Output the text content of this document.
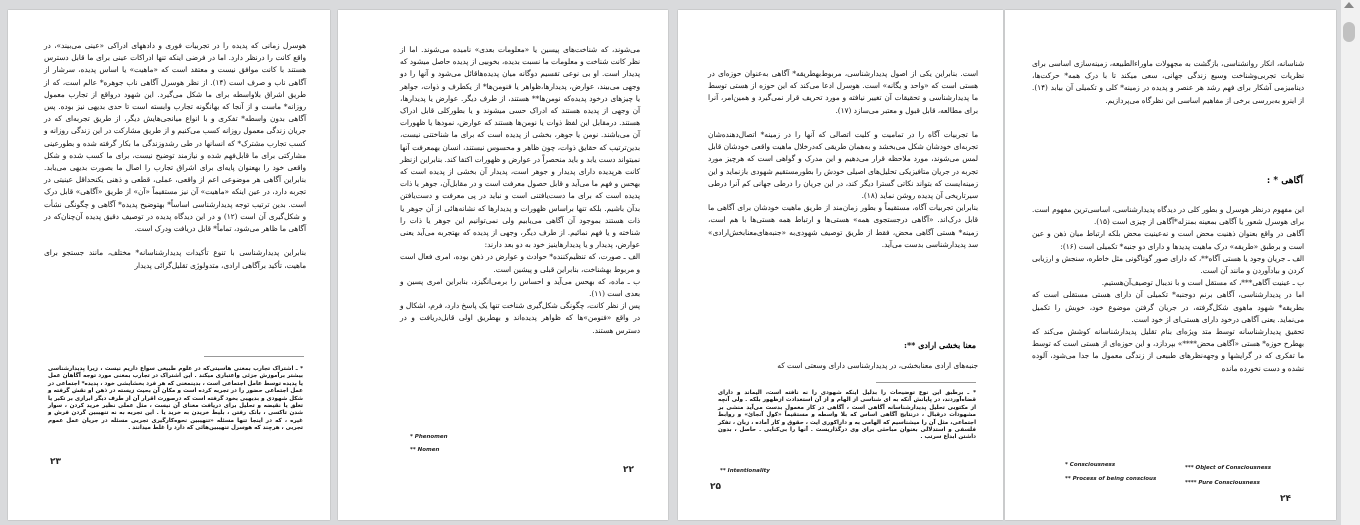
هوسرل زمانی که پدیده را در تجربیات فوری و دادههای ادراکی «عینی می‌بیند»، در واقع کانت را درنظر دارد. اما در فرضی اینکه تنها ادراکات عینی برای ما قابل دسترس هستند با کانت موافق نیست و معتقد است که «ماهیت» یا اساس پدیده، سرشار از آگاهی ناب و صرف است (۱۴). از نظر هوسرل آگاهی ناب جوهره* عالم است، که از طریق اشراق بلاواسطه برای ما شکل می‌گیرد. این شهود درواقع از تجارب معمول روزانه* ماست و از آنجا که بهانگونه تجارب وابسته است تا حدی بدیهی نیز بوده. پس آگاهی بدون واسطه* تفکری و با انواع میانجی‌هایش دیگر، از طریق تجربه‌ای که در جریان زندگی معمول روزانه کسب می‌کنیم و از طریق مشارکت در این زندگی روزانه و کسب تجارب مشترک* که انسانها در طی رشدوزندگی ما بکار گرفته شده و بطورعینی مشارکتی برای ما قابل‌فهم شده و نیازمند توضیح نیست، برای ما کسب شده و شکل واقعی خود را بهعنوان پایه‌ای برای اشراق تجارب را اصال ما بصورت بدیهی می‌یابد. بنابراین آگاهی هر موضوعی اعم از واقعی، عملی، قطعی و ذهنی یکنحداقل عینیتی در تجربه دارد، در عین اینکه «ماهیت» آن نیز مستقیماً «آن» از طریق «آگاهی» قابل درک است. بدین ترتیب توجه پدیدارشناسی اساساً* بهتوضیح پدیده* آگاهی و چگونگی نشأت و شکل‌گیری آن است (۱۲) و در این دیدگاه پدیده در توصیف دقیق پدیده آن‌چنان‌که در آگاهی ما ظاهر می‌شود، تماماً* قابل دریافت ودرک است.

بنابراین پدیدارشناسی با تنوع تأکیدات پدیدارشناسانه* مختلف، مانند جستجو برای ماهیت، تأکید برآگاهی ارادی، متدولوژی تقلیل‌گرائی پدیدار
* ـ اشتراک تجارب بمعنی هاسیتی‌که در علوم طبیعی سواع داریم نیست ، زیرا پدیدارشناسی بیشتر برآموزش جزئی واعتباری میکند . این اشتراک در تجارب بمعنی مورد توجه آگاهان عمل یا پدیده توسط عامل اجتماعی است ، بدینمعنی که هر فرد بخشایشی خود ، پدیده* اجتماعی در عمل اجتماعی حضور را در تجربه کرده است و مکان آن بحیث زیسته در ذهن او نقش گرفته و شکل شهودی و بدیهیی بخود گرفته است که درصورت اقرار آن از طرف دیگر ابرازی بر تکبر یا تعلق یا نقیضه و تحلیل برای دریافت معنای آن نیست ، مثل عملی نظیر خرید کردن ، سوار شدن تاکسی ، بانک رفتن ، بلیط خریدن به خرید یا . این تجربه به نه تنهیبین گردن فرش و غیره ، که در اینجا تنها مسئله «تنهیبین نحوه‌کارگیری تجربی مسئله در جریان عمل عموم تجربی ، هرچند که هوسرل تنهیبین‌هائی که دارد را غلط میدانند .
۲۳
می‌شوند، که شناخت‌های پیسین یا «معلومات بعدی» نامیده می‌شوند. اما از نظر کانت شناخت و معلومات ما نسبت بدیده، بخوبیی از پدیده حاصل میشود که پدیدار است. او بی نوعی تقسیم دوگانه میان پدیده‌هاقائل می‌شود و آنها را دو وجهی می‌بیند، عوارض، پدیدارها،ظواهر یا فنومن‌ها* از یکطرف و ذوات، جواهر یا چیزهای درخود پدیده‌که نومن‌ها** هستند، از طرف دیگر. عوارض یا پدیدارها، آن وجهی از پدیده هستند که ادراک حسی میشوند و یا بطورکلی قابل ادراک هستند. درمقابل این لفظ ذوات یا نومن‌ها هستند که عوارض، نمودها یا ظهورات آن می‌باشند. نومن یا جوهر، بخشی از پدیده است که برای ما شناختنی نیست، بدین‌ترتیب که حقایق ذوات، چون ظاهر و محسوس نیستند، انسان بهمعرفت آنها نمیتواند دست یابد و باید منحصراً در عوارض و ظهورات اکتفا کند. بنابراین ازنظر کانت هرپدیده دارای پدیدار و جوهر است، پدیدار آن بخشی از پدیده است که بهحس و فهم ما می‌آید و قابل حصول معرفت است و در مقابل‌آن، جوهر یا ذات پدیده است که برای ما دست‌یافتنی است و نباید در پی معرفت و دست‌یافتن بدآن باشیم. بلکه تنها براساس ظهورات و پدیدارها که نشانه‌هائی از آن جوهر یا ذات هستند بموجود آن آگاهی می‌یابیم ولی نمی‌توانیم این جوهر یا ذات را شناخته و یا فهم نمائیم. از طرف دیگر، وجهی از پدیده که بهتجربه می‌آید یعنی عوارض، پدیدار و یا پدیدارهاینیز خود به دو بعد دارند:
الف ـ صورت، که تنظیم‌کننده* حوادث و عوارض در ذهن بوده، امری فعال است و مربوط بهشناخت، بنابراین قبلی و پیشین است.
ب ـ ماده، که بهحس می‌آید و احساس را برمی‌انگیزد، بنابراین امری پسین و بعدی است (۱۱).
پس از نظر کانت، چگونگی شکل‌گیری شناخت تنها یک پاسخ دارد، فرم، اشکال و در واقع «فنومن»‌ها که ظواهر پدیده‌اند و بهطریق اولی قابل‌دریافت و در دسترس هستند.
* Phenomen
** Nomen
۲۲
است. بنابراین یکی از اصول پدیدارشناسی، مربوط‌بهطریقه* آگاهی به‌عنوان حوزه‌ای در هستی است که «واحد و یگانه» است. هوسرل ادعا می‌کند که این حوزه از هستی توسط ما پدیدارشناسی و تحقیقات آن تغییر نیافته و مورد تحریف قرار نمی‌گیرد و همین‌امر، آنرا برای مطالعه، قابل قبول و معتبر می‌سازد (۱۷).

ما تجربیات آگاه را در تمامیت و کلیت اتصالی که آنها را در زمینه* اتصال‌دهنده‌شان تجربه‌ای خودشان شکل می‌بخشد و به‌همان طریقی که‌درخلال ماهیت واقعی خودشان قابل لمس می‌شوند، مورد ملاحظه قرار می‌دهیم و این مدرک و گواهی است که هرچیز مورد تجربه در جریان متافیزیکی تحلیل‌های اصیلی خودش را بطورمستقیم شهودی بازنماید و این زمینه‌ایست که بتواند نکاتی گسترا دیگر کند، در این جریان را درطی جهانی کم آنرا درطی سیرتاریخی آن پدیده روشن نماید (۱۸).
بنابراین تجربیات آگاه، مستقیماً و بطور زمان‌مند از طریق ماهیت خودشان برای آگاهی ما قابل درک‌اند. «آگاهی درجستجوی همه» هستی‌ها و ارتباط همه هستی‌ها با هم است، زمینه* هستی آگاهی محض، فقط از طریق توصیف شهودی‌به «جنبه‌های‌معنابخش‌ارادی» سد پدیدارشناسی بدست می‌آید.
معنا بخشی ارادی **:
جنبه‌های ارادی معنابخشی، در پدیدارشناسی دارای وسعتی است که
* ـ برطبق این نوع توضیحات را بدلیل اینکه شهودی را نه نافته است، الیماند و دارای قضاه‌آوردند، در پایانش آنکه به ای شناسی از الهام و از آن استعدادت ازظهور بلکه . ولی آنچه از مکتوبی تحلیل پدیدارشناسانه آگاهی است ، آگاهی در کار معمول بدست می‌آید منشی بر مشهودات درقبال ، درنتایج آگاهی اساس که بلا واسطه و مستقیماً «کول آنجائ» و روابط اجتماعی، مثل آن را میشناسیم که الهامی به و داراکوری ایت ، حقوق و کار آماده ، زبان ، تفکر فلسفی و استدلالی بعنوان مباحثی برای وی درگذاریست . آنها را بی‌کنایی . حاصل ، بدون داشتن ابداع سرتب .
** Intentionality
۲۵
شناسانه، انکار روانشناسی، بازگشت به مجهولات ماوراءالطبیعه، زمینه‌سازی اساسی برای نظریات تجربی‌وشناخت وسیع زندگی جهانی، سعی میکند تا با درک همه* حرکت‌ها، دینامیزمی آشکار برای فهم رشد هر عنصر و پدیده در زمینه* کلی و تکمیلی آن بیابد (۱۴). از اینرو به‌بررسی برخی از مفاهیم اساسی این نظرگاه می‌پردازیم.
آگاهی * :
این مفهوم درنظر هوسرل و بطور کلی در دیدگاه پدیدارشناسی، اساسی‌ترین مفهوم است. برای هوسرل شعور یا آگاهی بمعینه بمنزله*آگاهی از چیزی است (۱۵).
آگاهی در واقع بعنوان ذهنیت محض است و نه‌عینیت محض بلکه ارتباط میان ذهن و عین است و برطبق «طریقه» درک ماهیت پدیدها و دارای دو جنبه* تکمیلی است (۱۶):
الف ـ جریان وجود یا هستی آگاه**، که دارای صور گوناگونی مثل خاطره، سنجش و ارزیابی کردن و بیادآوردن و مانند آن است.
ب ـ عینیت آگاهی***، که مستقل است و با ندیبال توصیف‌آن‌هستیم.
اما در پدیدارشناسی، آگاهی برنم دوجنبه* تکمیلی آن دارای هستی مستقلی است که بطریقه* شهود ماهوی شکل‌گرفته، در جریان گرفتن موضوع خود، خویش را تکمیل می‌نماید. یعنی آگاهی درخود دارای هستی‌ای از خود است.
تحقیق پدیدارشناسانه توسط متد ویژه‌ای بنام تقلیل پدیدارشناسانه کوشش می‌کند که بهطرح حوزه* هستی «آگاهی محض****» بپردازد، و این حوزه‌ای از هستی است که توسط ما تفکری که در گرایشها و وجهه‌نظرهای طبیعی از زندگی معمول ما جدا می‌شود، آلوده نشده و دست نخورده مانده
* Consciousness	*** Object of Consciousness
** Process of being conscious
**** Pure Consciousness
۲۴
